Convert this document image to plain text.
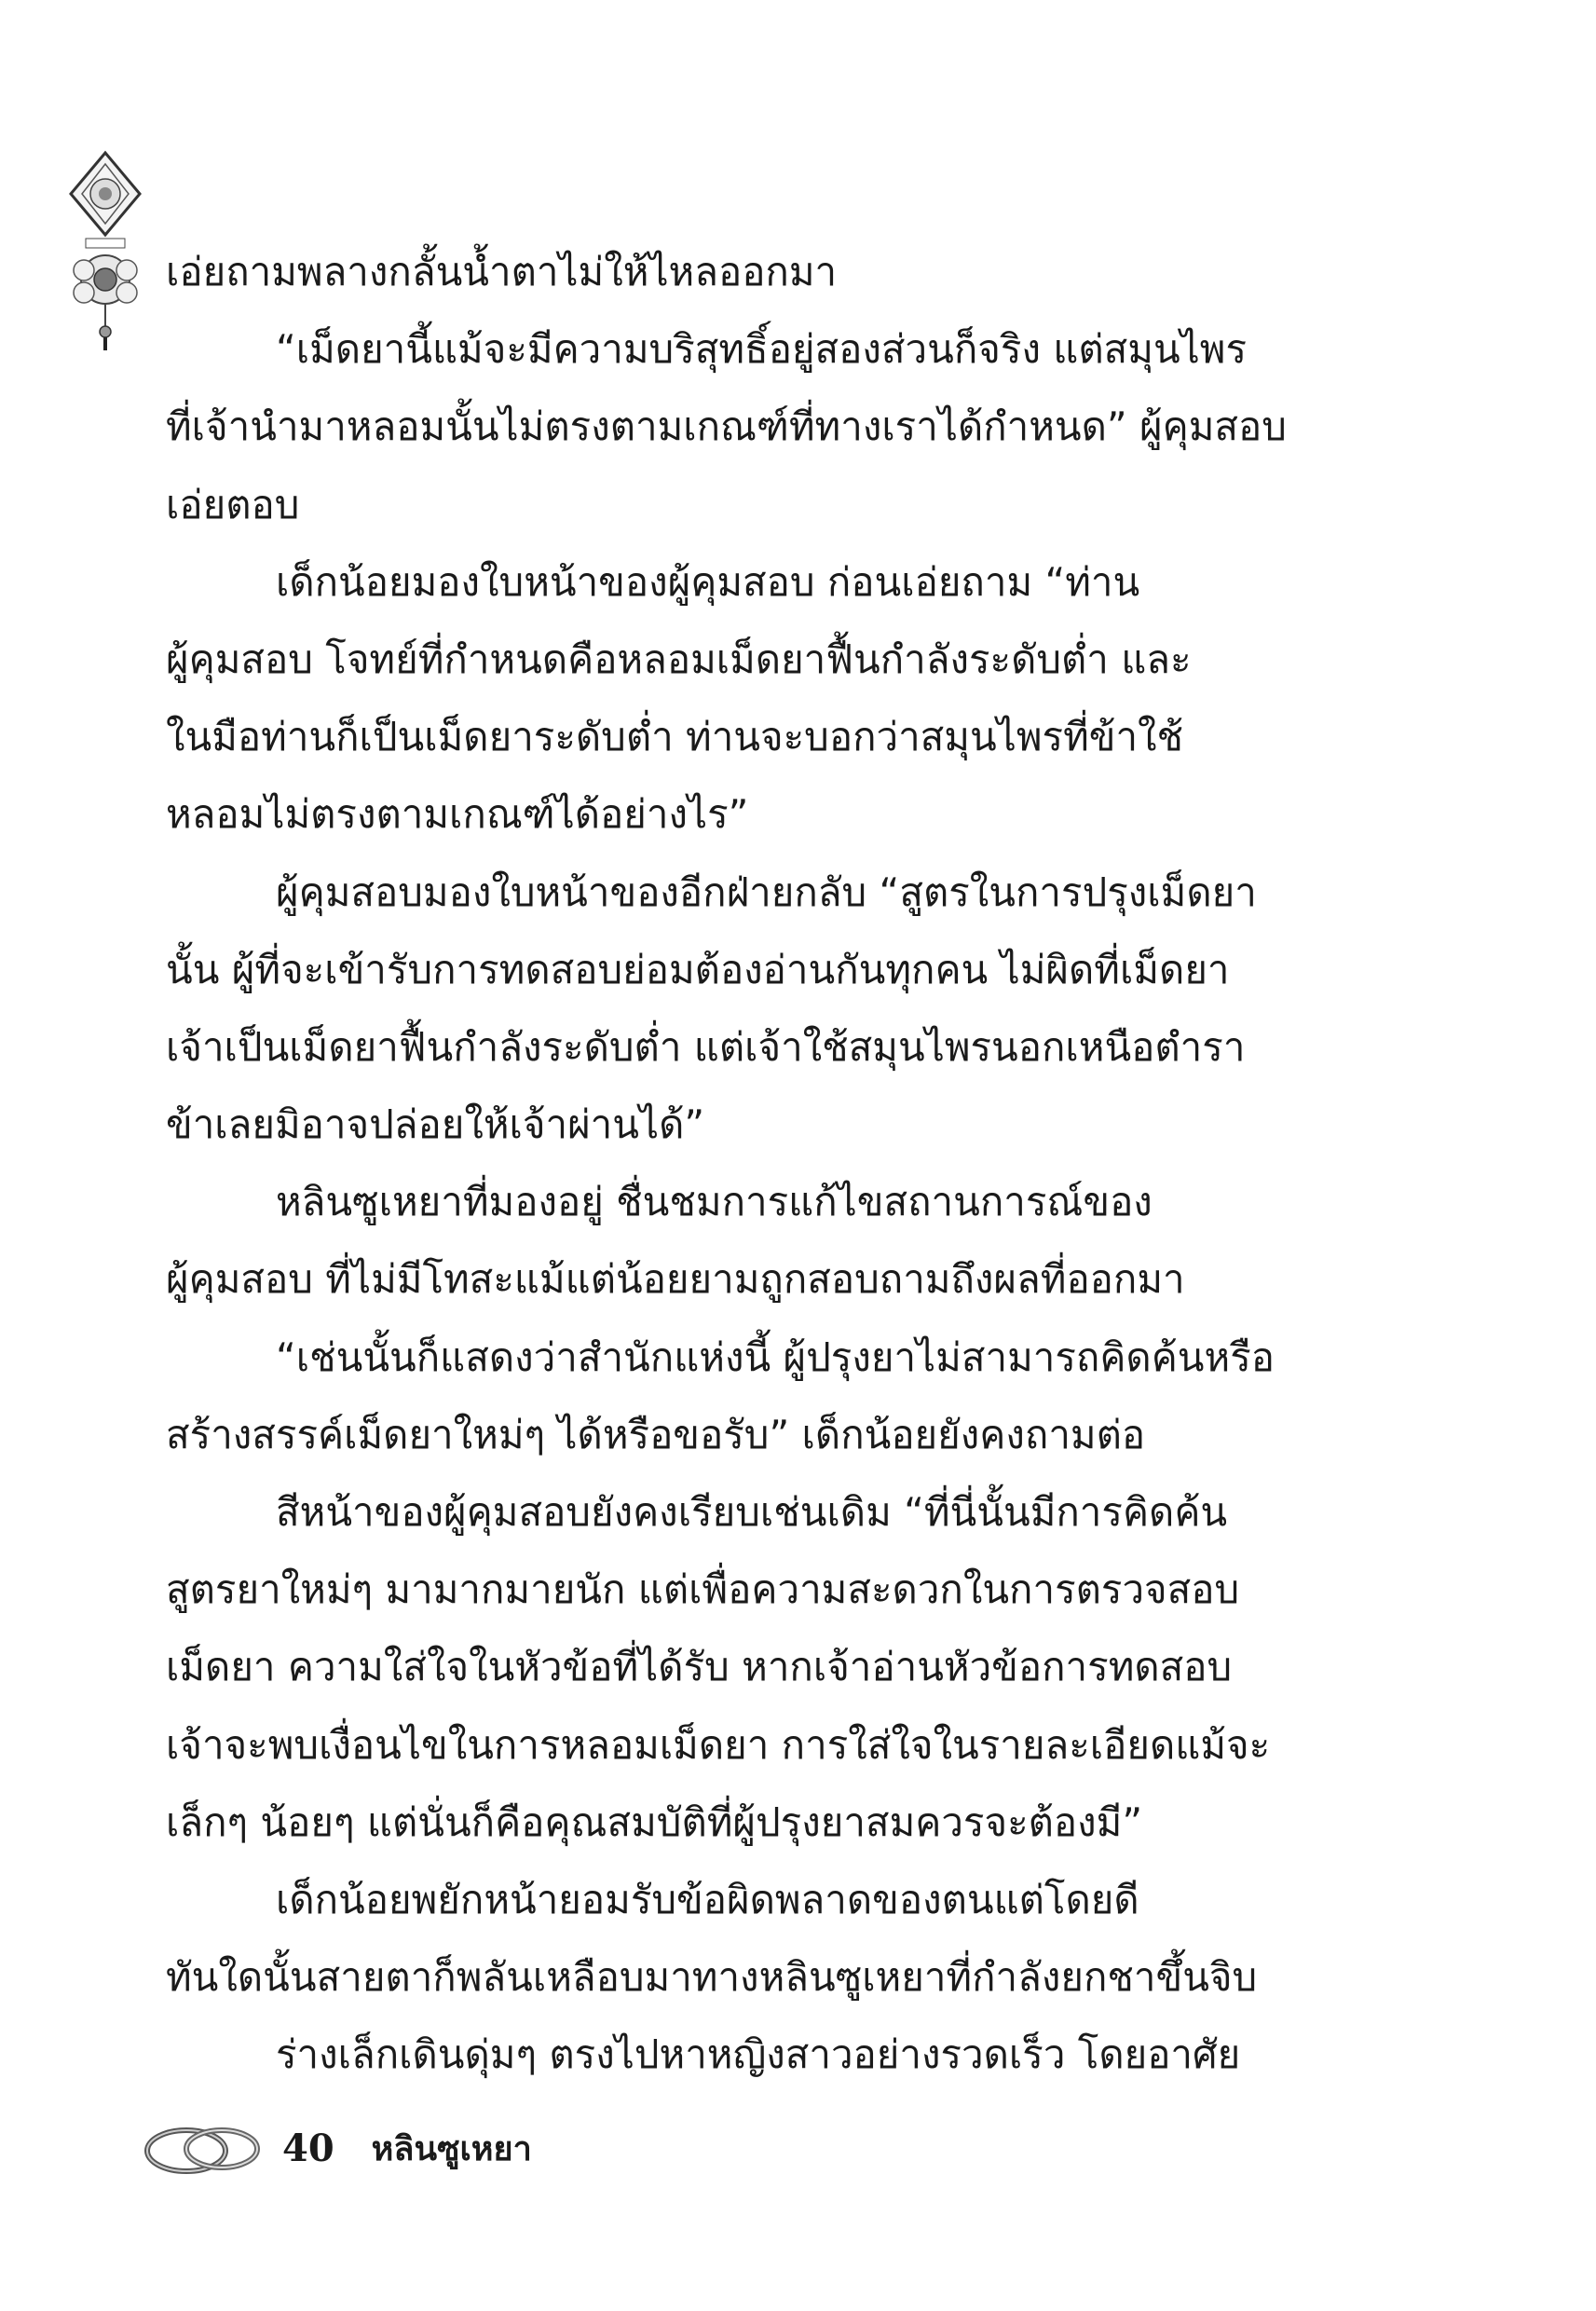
เอ่ยถามพลางกลั้นน้ำตาไม่ให้ไหลออกมา
“เม็ดยานี้แม้จะมีความบริสุทธิ์อยู่สองส่วนก็จริง แต่สมุนไพร
ที่เจ้านำมาหลอมนั้นไม่ตรงตามเกณฑ์ที่ทางเราได้กำหนด” ผู้คุมสอบ
เอ่ยตอบ
เด็กน้อยมองใบหน้าของผู้คุมสอบ ก่อนเอ่ยถาม “ท่าน
ผู้คุมสอบ โจทย์ที่กำหนดคือหลอมเม็ดยาฟื้นกำลังระดับต่ำ และ
ในมือท่านก็เป็นเม็ดยาระดับต่ำ ท่านจะบอกว่าสมุนไพรที่ข้าใช้
หลอมไม่ตรงตามเกณฑ์ได้อย่างไร”
ผู้คุมสอบมองใบหน้าของอีกฝ่ายกลับ “สูตรในการปรุงเม็ดยา
นั้น ผู้ที่จะเข้ารับการทดสอบย่อมต้องอ่านกันทุกคน ไม่ผิดที่เม็ดยา
เจ้าเป็นเม็ดยาฟื้นกำลังระดับต่ำ แต่เจ้าใช้สมุนไพรนอกเหนือตำรา
ข้าเลยมิอาจปล่อยให้เจ้าผ่านได้”
หลินซูเหยาที่มองอยู่ ชื่นชมการแก้ไขสถานการณ์ของ
ผู้คุมสอบ ที่ไม่มีโทสะแม้แต่น้อยยามถูกสอบถามถึงผลที่ออกมา
“เช่นนั้นก็แสดงว่าสำนักแห่งนี้ ผู้ปรุงยาไม่สามารถคิดค้นหรือ
สร้างสรรค์เม็ดยาใหม่ๆ ได้หรือขอรับ” เด็กน้อยยังคงถามต่อ
สีหน้าของผู้คุมสอบยังคงเรียบเช่นเดิม “ที่นี่นั้นมีการคิดค้น
สูตรยาใหม่ๆ มามากมายนัก แต่เพื่อความสะดวกในการตรวจสอบ
เม็ดยา ความใส่ใจในหัวข้อที่ได้รับ หากเจ้าอ่านหัวข้อการทดสอบ
เจ้าจะพบเงื่อนไขในการหลอมเม็ดยา การใส่ใจในรายละเอียดแม้จะ
เล็กๆ น้อยๆ แต่นั่นก็คือคุณสมบัติที่ผู้ปรุงยาสมควรจะต้องมี”
เด็กน้อยพยักหน้ายอมรับข้อผิดพลาดของตนแต่โดยดี
ทันใดนั้นสายตาก็พลันเหลือบมาทางหลินซูเหยาที่กำลังยกชาขึ้นจิบ
ร่างเล็กเดินดุ่มๆ ตรงไปหาหญิงสาวอย่างรวดเร็ว โดยอาศัย
40 หลินซูเหยา
